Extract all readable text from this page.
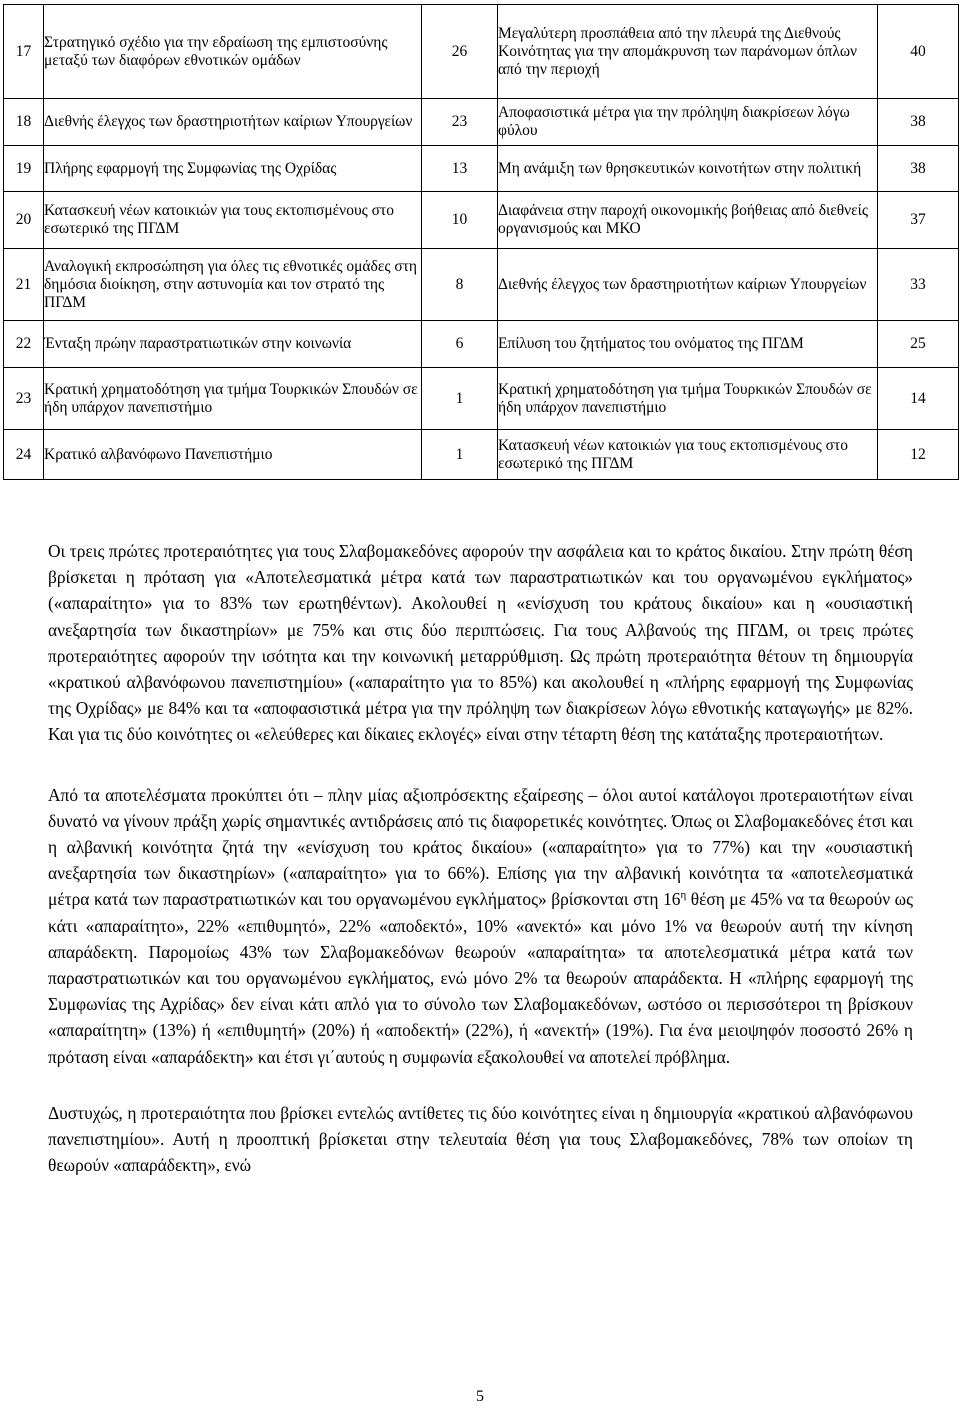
17	Στρατηγικό σχέδιο για την εδραίωση της εμπιστοσύνης μεταξύ των διαφόρων εθνοτικών ομάδων	26	Μεγαλύτερη προσπάθεια από την πλευρά της Διεθνούς Κοινότητας για την απομάκρυνση των παράνομων όπλων από την περιοχή	40
18	Διεθνής έλεγχος των δραστηριοτήτων καίριων Υπουργείων	23	Αποφασιστικά μέτρα για την πρόληψη διακρίσεων λόγω φύλου	38
19	Πλήρης εφαρμογή της Συμφωνίας της Οχρίδας	13	Μη ανάμιξη των θρησκευτικών κοινοτήτων στην πολιτική	38
20	Κατασκευή νέων κατοικιών για τους εκτοπισμένους στο εσωτερικό της ΠΓΔΜ	10	Διαφάνεια στην παροχή οικονομικής βοήθειας από διεθνείς οργανισμούς και ΜΚΟ	37
21	Αναλογική εκπροσώπηση για όλες τις εθνοτικές ομάδες στη δημόσια διοίκηση, στην αστυνομία και τον στρατό της ΠΓΔΜ	8	Διεθνής έλεγχος των δραστηριοτήτων καίριων Υπουργείων	33
22	Ένταξη πρώην παραστρατιωτικών στην κοινωνία	6	Επίλυση του ζητήματος του ονόματος της ΠΓΔΜ	25
23	Κρατική χρηματοδότηση για τμήμα Τουρκικών Σπουδών σε ήδη υπάρχον πανεπιστήμιο	1	Κρατική χρηματοδότηση για τμήμα Τουρκικών Σπουδών σε ήδη υπάρχον πανεπιστήμιο	14
24	Κρατικό αλβανόφωνο Πανεπιστήμιο	1	Κατασκευή νέων κατοικιών για τους εκτοπισμένους στο εσωτερικό της ΠΓΔΜ	12

Οι τρεις πρώτες προτεραιότητες για τους Σλαβομακεδόνες αφορούν την ασφάλεια και το κράτος δικαίου. Στην πρώτη θέση βρίσκεται η πρόταση για «Αποτελεσματικά μέτρα κατά των παραστρατιωτικών και του οργανωμένου εγκλήματος» («απαραίτητο» για το 83% των ερωτηθέντων). Ακολουθεί η «ενίσχυση του κράτους δικαίου» και η «ουσιαστική ανεξαρτησία των δικαστηρίων» με 75% και στις δύο περιπτώσεις. Για τους Αλβανούς της ΠΓΔΜ, οι τρεις πρώτες προτεραιότητες αφορούν την ισότητα και την κοινωνική μεταρρύθμιση. Ως πρώτη προτεραιότητα θέτουν τη δημιουργία «κρατικού αλβανόφωνου πανεπιστημίου» («απαραίτητο για το 85%) και ακολουθεί η «πλήρης εφαρμογή της Συμφωνίας της Οχρίδας» με 84% και τα «αποφασιστικά μέτρα για την πρόληψη των διακρίσεων λόγω εθνοτικής καταγωγής» με 82%. Και για τις δύο κοινότητες οι «ελεύθερες και δίκαιες εκλογές» είναι στην τέταρτη θέση της κατάταξης προτεραιοτήτων.

Από τα αποτελέσματα προκύπτει ότι – πλην μίας αξιοπρόσεκτης εξαίρεσης – όλοι αυτοί κατάλογοι προτεραιοτήτων είναι δυνατό να γίνουν πράξη χωρίς σημαντικές αντιδράσεις από τις διαφορετικές κοινότητες. Όπως οι Σλαβομακεδόνες έτσι και η αλβανική κοινότητα ζητά την «ενίσχυση του κράτος δικαίου» («απαραίτητο» για το 77%) και την «ουσιαστική ανεξαρτησία των δικαστηρίων» («απαραίτητο» για το 66%). Επίσης για την αλβανική κοινότητα τα «αποτελεσματικά μέτρα κατά των παραστρατιωτικών και του οργανωμένου εγκλήματος» βρίσκονται στη $16^\eta$ θέση με 45% να τα θεωρούν ως κάτι «απαραίτητο», 22% «επιθυμητό», 22% «αποδεκτό», 10% «ανεκτό» και μόνο 1% να θεωρούν αυτή την κίνηση απαράδεκτη. Παρομοίως 43% των Σλαβομακεδόνων θεωρούν «απαραίτητα» τα αποτελεσματικά μέτρα κατά των παραστρατιωτικών και του οργανωμένου εγκλήματος, ενώ μόνο 2% τα θεωρούν απαράδεκτα. Η «πλήρης εφαρμογή της Συμφωνίας της Αχρίδας» δεν είναι κάτι απλό για το σύνολο των Σλαβομακεδόνων, ωστόσο οι περισσότεροι τη βρίσκουν «απαραίτητη» (13%) ή «επιθυμητή» (20%) ή «αποδεκτή» (22%), ή «ανεκτή» (19%). Για ένα μειοψηφόν ποσοστό 26% η πρόταση είναι «απαράδεκτη» και έτσι γι΄αυτούς η συμφωνία εξακολουθεί να αποτελεί πρόβλημα.

Δυστυχώς, η προτεραιότητα που βρίσκει εντελώς αντίθετες τις δύο κοινότητες είναι η δημιουργία «κρατικού αλβανόφωνου πανεπιστημίου». Αυτή η προοπτική βρίσκεται στην τελευταία θέση για τους Σλαβομακεδόνες, 78% των οποίων τη θεωρούν «απαράδεκτη», ενώ

5
